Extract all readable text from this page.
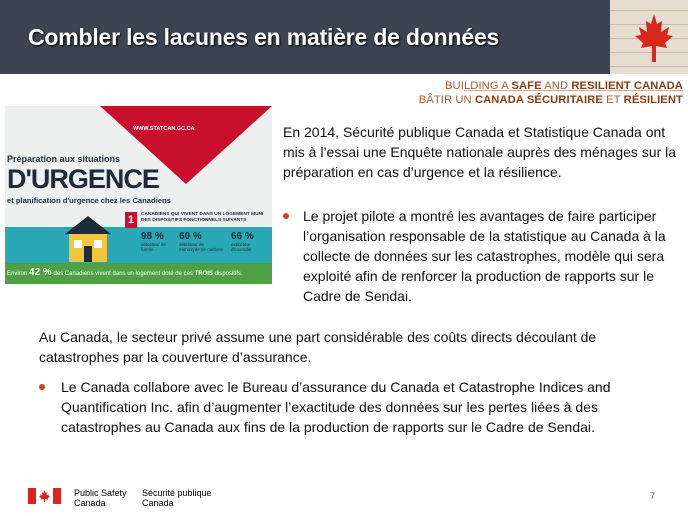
Combler les lacunes en matière de données
BUILDING A SAFE AND RESILIENT CANADA
BÂTIR UN CANADA SÉCURITAIRE ET RÉSILIENT
WWW.STATCAN.GC.CA
Préparation aux situations
D'URGENCE
et planification d'urgence chez les Canadiens
1	CANADIENS QUI VIVENT DANS UN LOGEMENT MUNI DES DISPOSITIFS FONCTIONNELS SUIVANTS
98 %
détecteur de fumée
60 %
détecteur de monoxyde de carbone
66 %
extincteur d'incendie
Environ 42 % des Canadiens vivent dans un logement doté de ces TROIS dispositifs.
En 2014, Sécurité publique Canada et Statistique Canada ont mis à l’essai une Enquête nationale auprès des ménages sur la préparation en cas d’urgence et la résilience.
Le projet pilote a montré les avantages de faire participer l’organisation responsable de la statistique au Canada à la collecte de données sur les catastrophes, modèle qui sera exploité afin de renforcer la production de rapports sur le Cadre de Sendai.
Au Canada, le secteur privé assume une part considérable des coûts directs découlant de catastrophes par la couverture d’assurance.
Le Canada collabore avec le Bureau d’assurance du Canada et Catastrophe Indices and Quantification Inc. afin d’augmenter l’exactitude des données sur les pertes liées à des catastrophes au Canada aux fins de la production de rapports sur le Cadre de Sendai.
Public Safety
Canada
Sécurité publique
Canada
7
